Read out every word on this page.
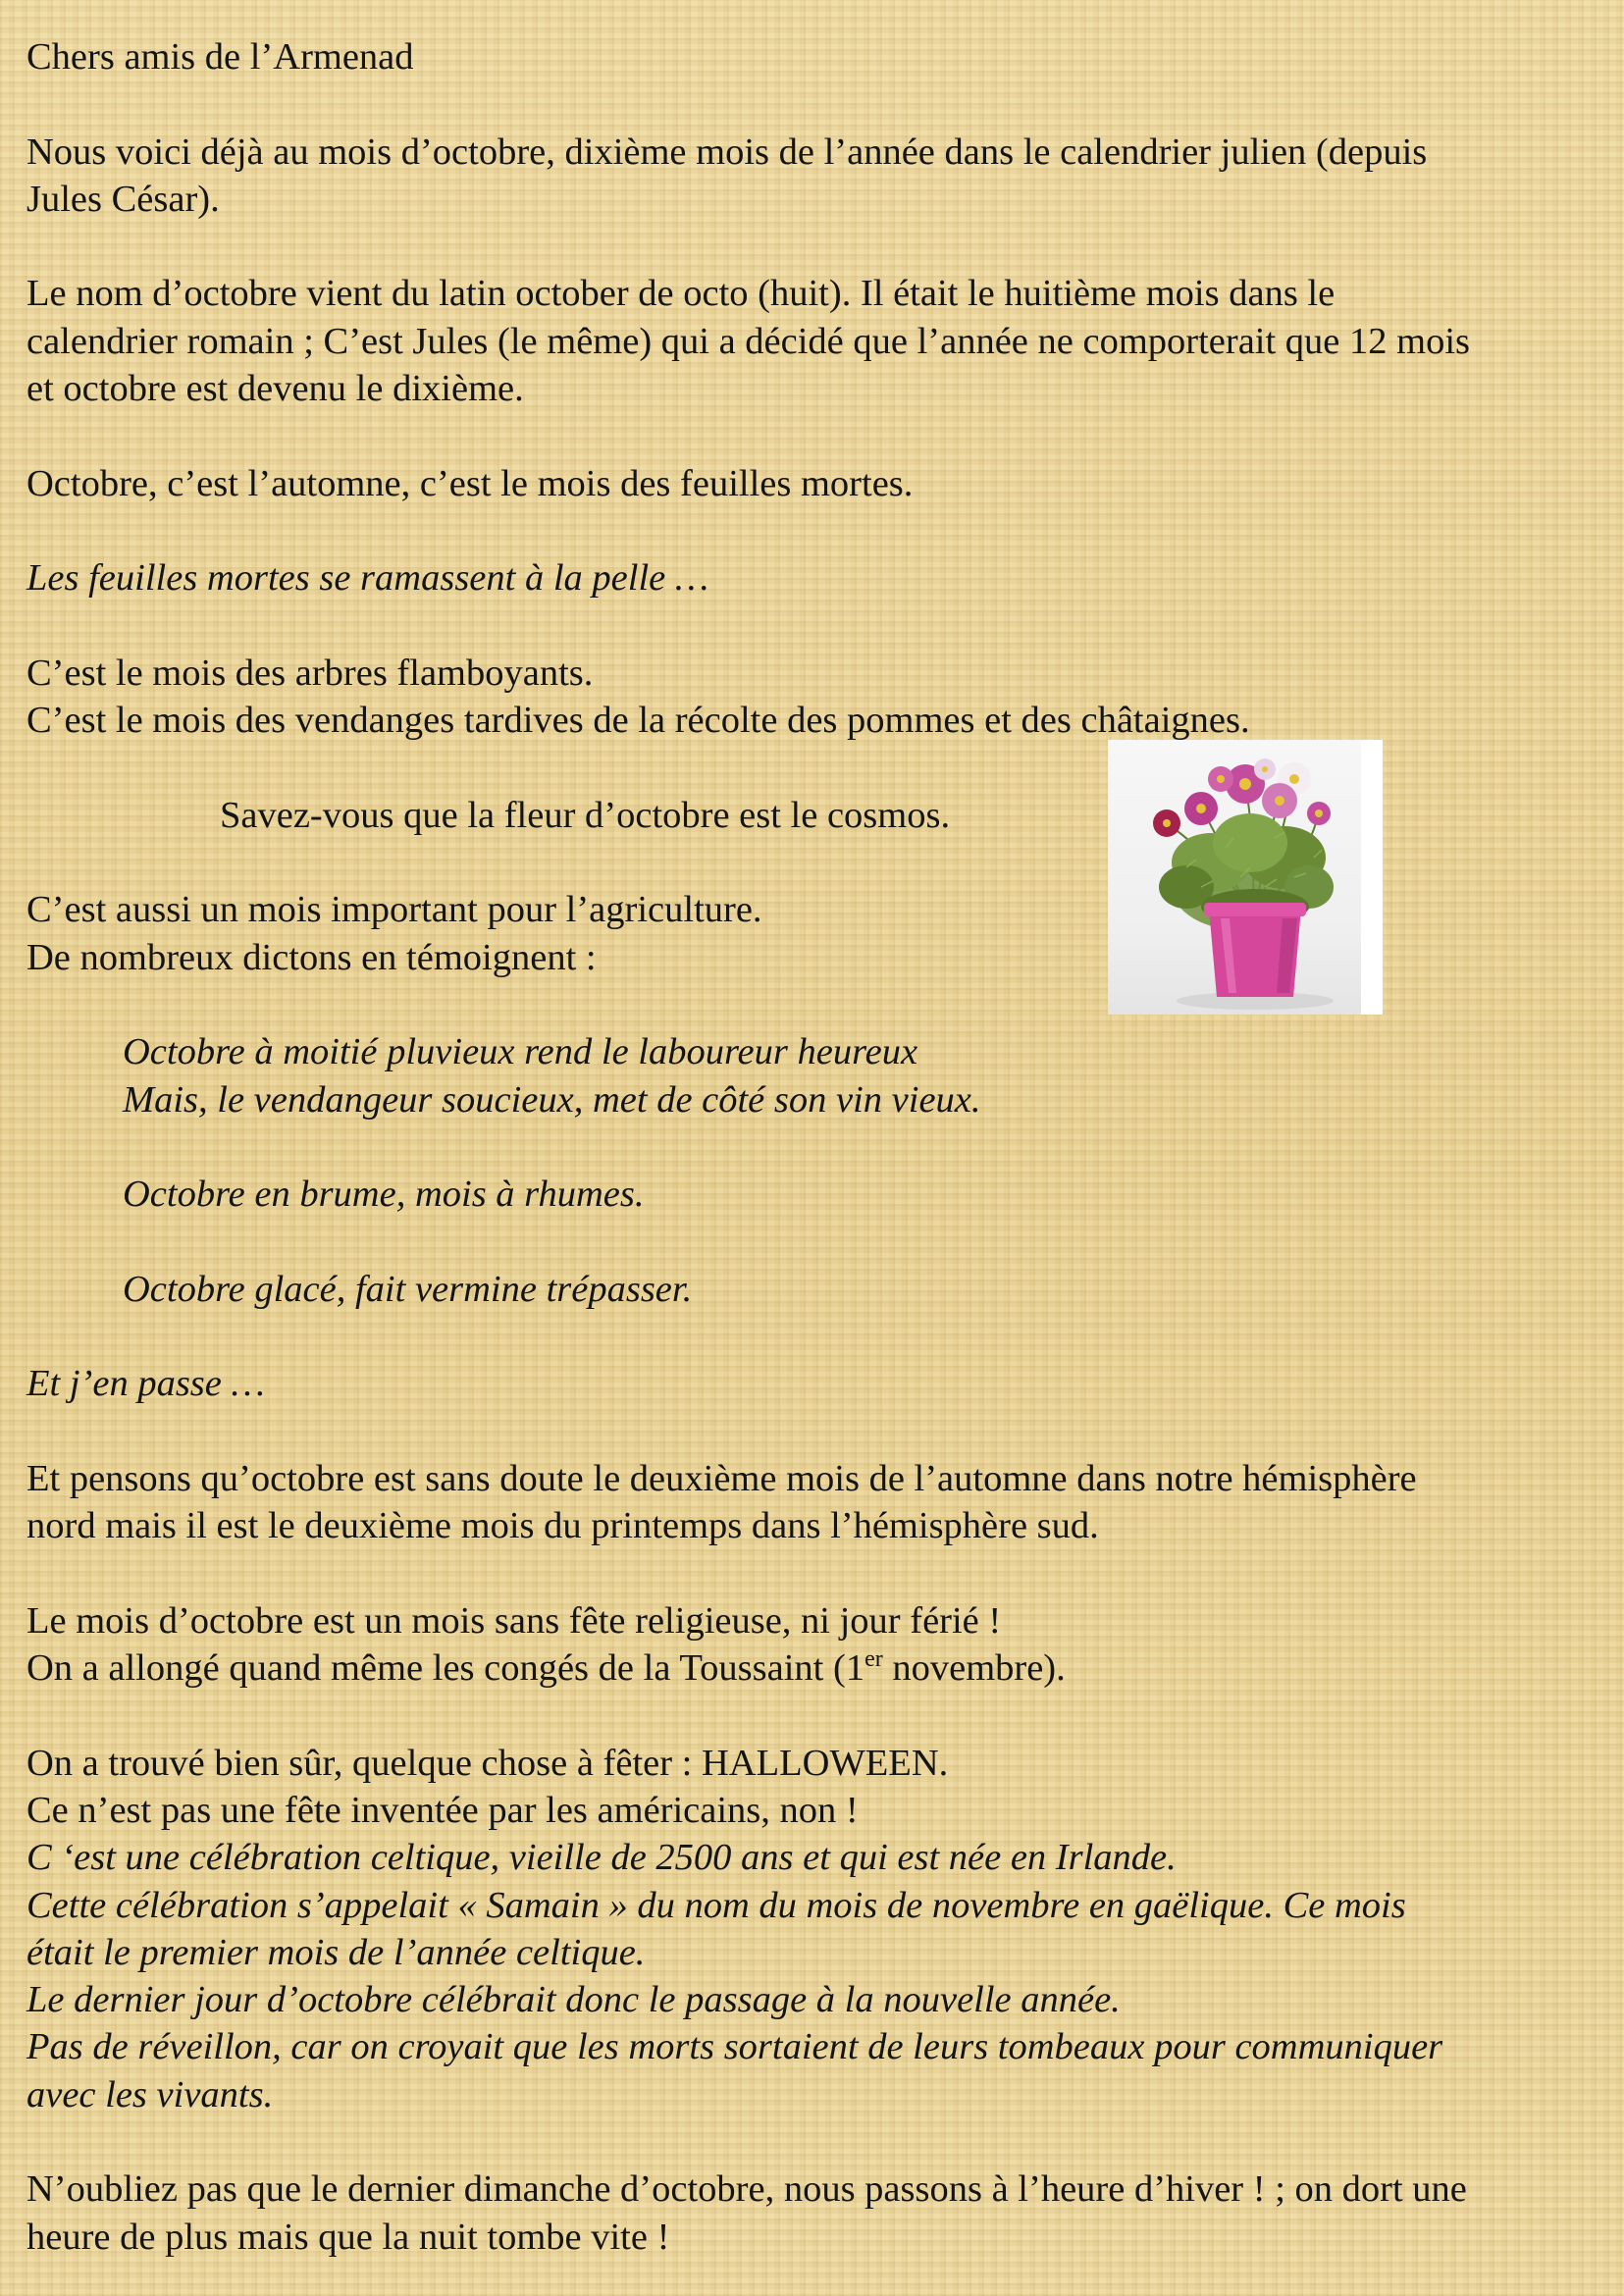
Chers amis de l’Armenad
Nous voici déjà au mois d’octobre, dixième mois de l’année dans le calendrier julien (depuis
Jules César).
Le nom d’octobre vient du latin october de octo (huit). Il était le huitième mois dans le
calendrier romain ; C’est Jules (le même) qui a décidé que l’année ne comporterait que 12 mois
et octobre est devenu le dixième.
Octobre, c’est l’automne, c’est le mois des feuilles mortes.
Les feuilles mortes se ramassent à la pelle …
C’est le mois des arbres flamboyants.
C’est le mois des vendanges tardives de la récolte des pommes et des châtaignes.
Savez-vous que la fleur d’octobre est le cosmos.
C’est aussi un mois important pour l’agriculture.
De nombreux dictons en témoignent :
Octobre à moitié pluvieux rend le laboureur heureux
Mais, le vendangeur soucieux, met de côté son vin vieux.
Octobre en brume, mois à rhumes.
Octobre glacé, fait vermine trépasser.
Et j’en passe …
Et pensons qu’octobre est sans doute le deuxième mois de l’automne dans notre hémisphère
nord mais il est le deuxième mois du printemps dans l’hémisphère sud.
Le mois d’octobre est un mois sans fête religieuse, ni jour férié !
On a allongé quand même les congés de la Toussaint (1er novembre).
On a trouvé bien sûr, quelque chose à fêter : HALLOWEEN.
Ce n’est pas une fête inventée par les américains, non !
C ‘est une célébration celtique, vieille de 2500 ans et qui est née en Irlande.
Cette célébration s’appelait « Samain » du nom du mois de novembre en gaëlique. Ce mois
était le premier mois de l’année celtique.
Le dernier jour d’octobre célébrait donc le passage à la nouvelle année.
Pas de réveillon, car on croyait que les morts sortaient de leurs tombeaux pour communiquer
avec les vivants.
N’oubliez pas que le dernier dimanche d’octobre, nous passons à l’heure d’hiver ! ; on dort une
heure de plus mais que la nuit tombe vite !
